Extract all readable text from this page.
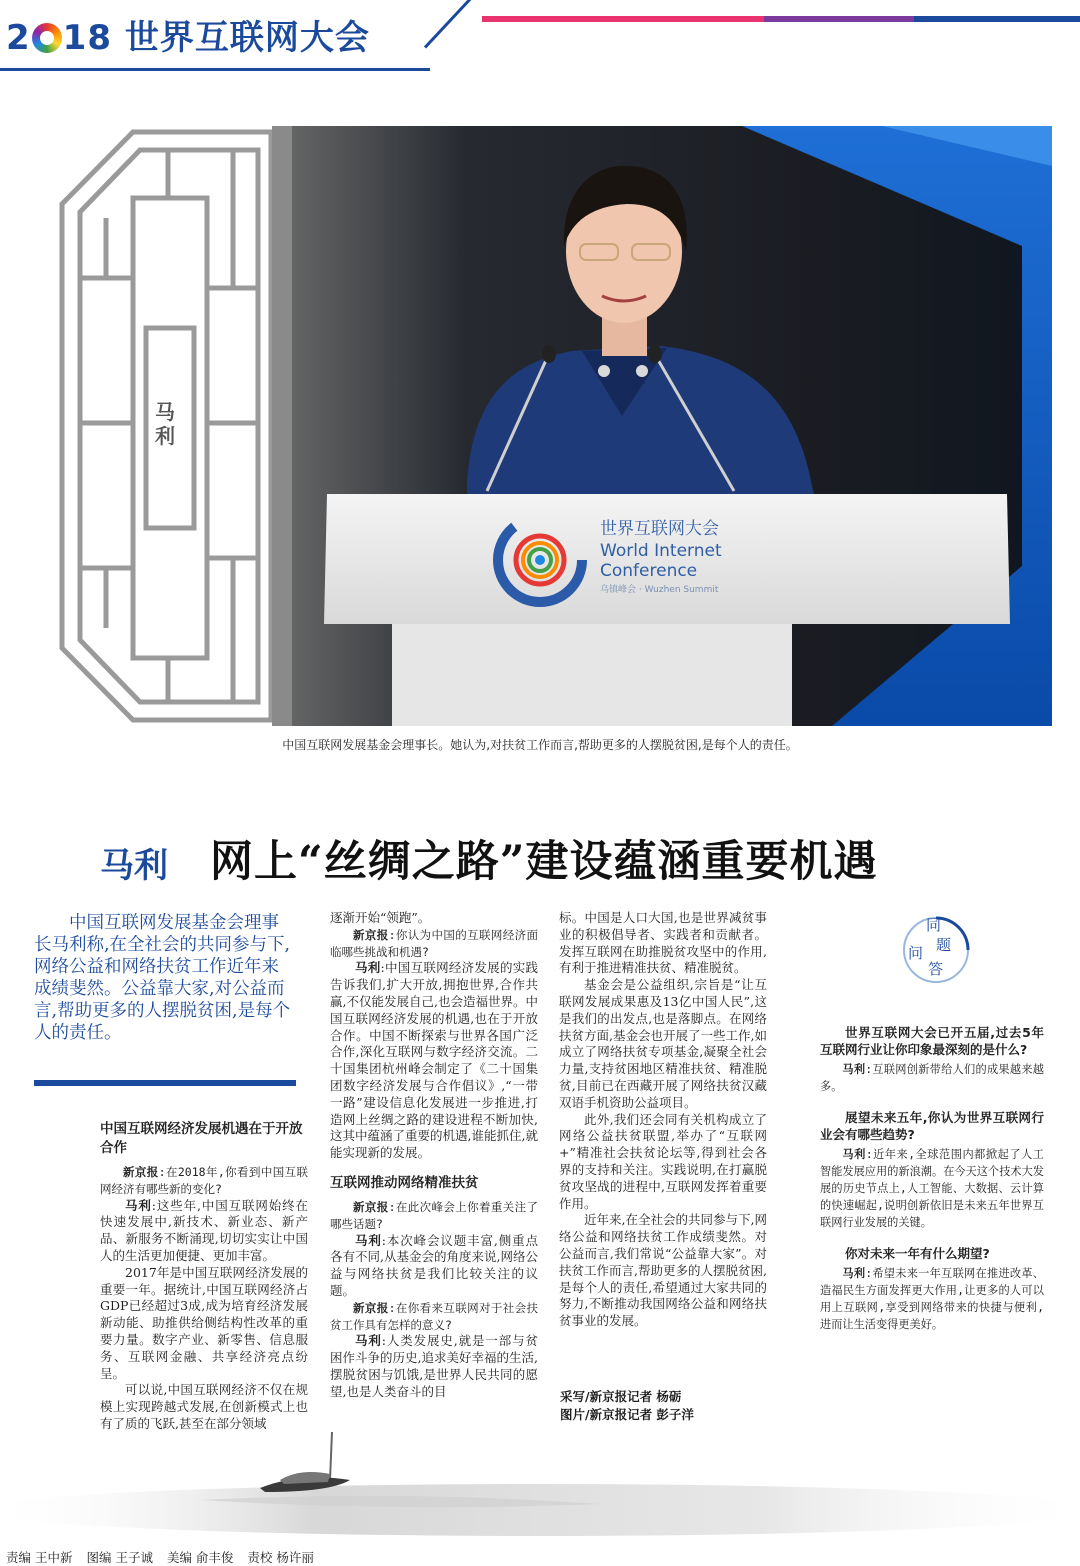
2 18 世界互联网大会
马利
世界互联网大会
World Internet
Conference
乌镇峰会 · Wuzhen Summit
中国互联网发展基金会理事长。她认为,对扶贫工作而言,帮助更多的人摆脱贫困,是每个人的责任。
马利 网上“丝绸之路”建设蕴涵重要机遇
中国互联网发展基金会理事长马利称,在全社会的共同参与下,网络公益和网络扶贫工作近年来成绩斐然。公益靠大家,对公益而言,帮助更多的人摆脱贫困,是每个人的责任。
中国互联网经济发展机遇在于开放合作

新京报:在2018年,你看到中国互联网经济有哪些新的变化?

马利:这些年,中国互联网始终在快速发展中,新技术、新业态、新产品、新服务不断涌现,切切实实让中国人的生活更加便捷、更加丰富。

2017年是中国互联网经济发展的重要一年。据统计,中国互联网经济占GDP已经超过3成,成为培育经济发展新动能、助推供给侧结构性改革的重要力量。数字产业、新零售、信息服务、互联网金融、共享经济亮点纷呈。

可以说,中国互联网经济不仅在规模上实现跨越式发展,在创新模式上也有了质的飞跃,甚至在部分领域

逐渐开始“领跑”。

新京报:你认为中国的互联网经济面临哪些挑战和机遇?

马利:中国互联网经济发展的实践告诉我们,扩大开放,拥抱世界,合作共赢,不仅能发展自己,也会造福世界。中国互联网经济发展的机遇,也在于开放合作。中国不断探索与世界各国广泛合作,深化互联网与数字经济交流。二十国集团杭州峰会制定了《二十国集团数字经济发展与合作倡议》,“一带一路”建设信息化发展进一步推进,打造网上丝绸之路的建设进程不断加快,这其中蕴涵了重要的机遇,谁能抓住,就能实现新的发展。

互联网推动网络精准扶贫

新京报:在此次峰会上你着重关注了哪些话题?

马利:本次峰会议题丰富,侧重点各有不同,从基金会的角度来说,网络公益与网络扶贫是我们比较关注的议题。

新京报:在你看来互联网对于社会扶贫工作具有怎样的意义?

马利:人类发展史,就是一部与贫困作斗争的历史,追求美好幸福的生活,摆脱贫困与饥饿,是世界人民共同的愿望,也是人类奋斗的目

标。中国是人口大国,也是世界减贫事业的积极倡导者、实践者和贡献者。发挥互联网在助推脱贫攻坚中的作用,有利于推进精准扶贫、精准脱贫。

基金会是公益组织,宗旨是“让互联网发展成果惠及13亿中国人民”,这是我们的出发点,也是落脚点。在网络扶贫方面,基金会也开展了一些工作,如成立了网络扶贫专项基金,凝聚全社会力量,支持贫困地区精准扶贫、精准脱贫,目前已在西藏开展了网络扶贫汉藏双语手机资助公益项目。

此外,我们还会同有关机构成立了网络公益扶贫联盟,举办了“互联网+”精准社会扶贫论坛等,得到社会各界的支持和关注。实践说明,在打赢脱贫攻坚战的进程中,互联网发挥着重要作用。

近年来,在全社会的共同参与下,网络公益和网络扶贫工作成绩斐然。对公益而言,我们常说“公益靠大家”。对扶贫工作而言,帮助更多的人摆脱贫困,是每个人的责任,希望通过大家共同的努力,不断推动我国网络公益和网络扶贫事业的发展。

采写/新京报记者 杨砺
图片/新京报记者 彭子洋
同
问 题
答

世界互联网大会已开五届,过去5年互联网行业让你印象最深刻的是什么?

马利:互联网创新带给人们的成果越来越多。

展望未来五年,你认为世界互联网行业会有哪些趋势?

马利:近年来,全球范围内都掀起了人工智能发展应用的新浪潮。在今天这个技术大发展的历史节点上,人工智能、大数据、云计算的快速崛起,说明创新依旧是未来五年世界互联网行业发展的关键。

你对未来一年有什么期望?

马利:希望未来一年互联网在推进改革、造福民生方面发挥更大作用,让更多的人可以用上互联网,享受到网络带来的快捷与便利,进而让生活变得更美好。

责编 王中新 图编 王子诚 美编 俞丰俊 责校 杨许丽
